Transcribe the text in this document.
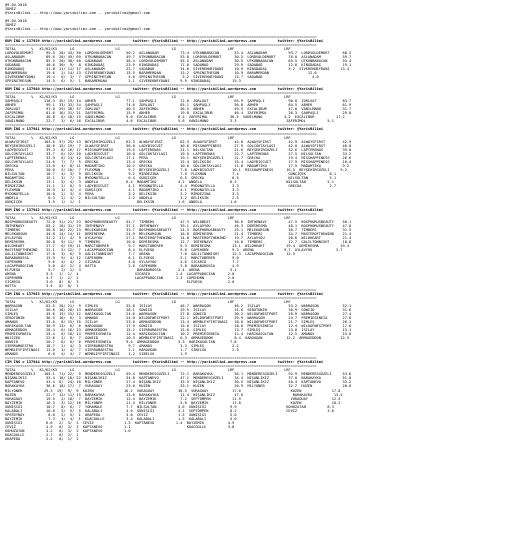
09.04.2018
İDMİZ
@YarisBilimi -- http://www.yarisbilimi.com -- yarisbilimi@gmail.com
09.04.2018
İDMİZ
@YarisBilimi -- http://www.yarisbilimi.com -- yarisbilimi@gmail.com
================================================================================================================================================
KUM İNG = 137939 http://yarisbilimi.wordpress.com          twitter: @YarisBilimi -- http://yarisbilimi.wordpress.com          twitter: @YarisBilimi
================================================================================================================================================
TOTAL       %   K1/K2/K3      LG                   LG                        LG                        LRF                       LRF
LORDVOLDEMORT      95.5  28/ 43/ 50  LORDVOLDEMORT      50.2  ASLANADAM          73.4  UTKUNBABACAN       53.4  ASLANADAM          93.7  LORDVOLDEMORT      68.3
ASLANADAM          89.6  20/ 49/ 69  UTKUNBABACAN       49.7  UTKUNBABACAN       53.8  LORDVOLDEMORT      30.5  LORDVOLDEMORT      76.0  ASLANADAM          59.7
UTKUNBABACAN       85.5  20/ 38/ 40  SADABAAD           48.4  LORDVOLDEMORT      55.5  ASLANADAM          30.5  UTKUNBABACAN       65.5  UTKUNBABACAN       55.4
SADABAD            40.6  30/  9/  8  KINGDADAŞ          23.9  KINGDADAŞ          17.0  SADABAD            29.9  SADABAD            12.8  KINGDADAŞ          19.1
KINGDADAŞ          31.8  11/ 11/ 17  ASLANADAM          23.7  SADABAD            14.0  SİVEREKNEYDANI     10.9  KINGDADAŞ          3.2  SİVEREKNEYDANI     13.4
BARAMERDAN         19.6   2/ 14/ 13  SİVEREKNEYDANI     15.5  BARAMERDAN         13.2  SPRINGTHESUN       10.9  BARAMERDAN                  12.0
SİVEREKNEYDANI     19.4   6/  3/  7  SPRINGTHESUN        4.6  SPRINGTHESUN        3.2  SİVEREKNEYDANI     15.7  SADABAD                       4.0
SPRINGTHESUN       14.5   6/  5/  1  BARAMERDAN          2.1  SİVEREKNEYDANI     9.9  KINGDADAŞ          15.3
================================================================================================================================================
KUM İNG = 137940 http://yarisbilimi.wordpress.com          twitter: @YarisBilimi -- http://yarisbilimi.wordpress.com          twitter: @YarisBilimi
================================================================================================================================================
TOTAL       %   K1/K2/K3      LG                   LG                        LG                        LRF                       LRF
ŞAHPAŞLI          116.3  45/ 19/ 14  ABHER              77.1  ŞAHPAŞLI           72.0  ZORLUAT            65.9  ŞAHPAŞLI           90.8  ZORLUAT            83.7
ABHER              99.1  33/ 33/ 24  ŞAHPAŞLI           74.6  ZORLUAT            65.1  ŞAHPAŞLI           56.8  ABHER              84.5  ABHER              61.9
ZORLUAT            91.0  29/ 38/ 37  ZORLUAT            40.5  ZAFERİMOL          36.5  ABHER              49.5  EXCALIBUR          47.0  VANILMANO          31.7
ZAFERİMOL          81.6  16/ 31/ 21  ZAFERİMOL          15.9  ABHER              19.8  EXCALIBUR          46.4  ZAFERİMOL          26.3  ŞAHPAŞLI           29.8
EXCALIBUR          40.8   8/ 18/ 15  VANILMANO          9.6  EXCALIBUR          8.5  ZAFERİMOL          36.5  VANILMANO          4.2  EXCALIBUR          17.2
VANILMANO          22.7   3/  6/ 16  EXCALIBUR          4.6  EXCALIBUR          5.6  VANILMANO          3.3                       ZAFERİMOL          5.1
================================================================================================================================================
KUM İNG = 137941 http://yarisbilimi.wordpress.com          twitter: @YarisBilimi -- http://yarisbilimi.wordpress.com          twitter: @YarisBilimi
================================================================================================================================================
TOTAL       %   K1/K2/K3      LG                   LG                        LG                        LRF                       LRF
ALWAYSFIRST       103.6  57/ 25/ 13  BEYŞEHİRGÜZELİ     62.3  ALWAYSFIRST        62.3  ALWAYSFIRST        42.0  ALWAYSFIRST        42.9  ALWAYSFIRST        42.9
BEYŞEHİRGÜZELİ     48.6  15/ 19/  7  ALWAYSFIRST        58.8  LADYBISCUIT        40.0  MISSHAPPINESS      27.9  GÖLCÜKTAYLASI      42.0  ALWAYSFIRST        40.8
LADYBISCUIT        39.3   8/ 16/ 17  MISSHAPPINESS      19.5  LAPTERENAS         21.1  NİLSULTAN          21.6  BEYŞEHİRGÜZELİ     32.6  LAPTERENAS         39.8
GÖLCÜKTAYLASI      33.7   6/ 12/ 20  LADYBISCUIT        18.0  GÖLCÜKTAYLASI      19.5  LAPTERENAS         22.7  LAPTERENAS         27.5  NİLSULTAN          33.2
LAPTERENAS         33.9   6/ 14/ 12  GÖLCÜKTAYLASI      17.1  PERA               19.1  BEYŞEHİRGÜZELİ     21.7  GRECKA             19.4  MISSHAPPINESS      26.6
GÖLCÜKTAYLASI      24.6   7/  7/  5  GRECKA             13.4  GRECKA             15.4  DELİKSİN           15.4  LADYBISCUIT        17.9  MISSHAPPINESS      16.4
GRECKA             23.6   4/  8/ 11  MADAMTİKO          10.2  GRECKA             10.0  GÖLCÜKTAYLASI      11.0  MADAMTİKO          17.5  MADAMTİKO          9.2
PERA               20.0   5/ 10/  7  FLEXMAN             9.7  BEYŞEHİRGÜZELİ     7.6  LADYBISCUIT        10.1  MISSHAPPINESS      16.5  BEYŞEHİRGÜZELİ     9.2
NİLSULTAN          18.7   4/  3/  9  DELİKSİN            9.2  MİRDEZİNA          7.9  FLEXMAN            7.4                       GÜNÇİÇEK           8.1
MADAMTİKO          15.1   3/  7/  5  MYDONATELLA         6.4  GÜNÇİÇEK           6.5  GRECKA             6.5                       NİLSULTAN          5.1
DELİKSİN           13.1   5/  4/  3  ANDELA             6.4  MADAMTİKO          4.1  ANDELA             6.3                       NİLSULTAN          5.1
MİRDEZİNA          11.1   2/  6/  3  LADYBISCUIT         4.1  MYDONATELLA        4.4  MYDONATELLA        3.3                       GRECKA             2.7
FLEXMAN            10.9   4/  4/  4  GÜNÇİÇEK            4.1  MADAMTİKO          4.1  MYDONATELLA        3.3
MYDONATELLA        10.0   2/  3/  4  PERA                3.2  DELİKSİN           3.2  MİRDEZİNA          3.3
ANDELA              8.3   2/  4/  2  NİLSULTAN           2.2  ANDELA             3.2  DELİKSİN           2.5
GÜNÇİÇEK            3.9   1/  1/  1                          DELİKSİN           1.6  ANDELA             1.6
================================================================================================================================================
KUM İNG = 137942 http://yarisbilimi.wordpress.com          twitter: @YarisBilimi -- http://yarisbilimi.wordpress.com          twitter: @YarisBilimi
================================================================================================================================================
TOTAL       %   K1/K2/K3      LG                   LG                        LG                        LRF                       LRF
BOSPHORUSBEAUTY    72.0  31/ 21/ 23  BOSPHORUSBEAUTY    54.7  TIMBERS            47.3  WILDBEAT           36.6  INTHENAVY          47.5  BOSPHORUSBEAUTY    50.1
INTHENAVY          65.2  16/ 31/ 19  INTHENAVY          37.1  INTHENAVY          39.1  AYLAVYOU           46.3  DEMİRESMA          48.1  BOSPHORUSBEAUTY    47.0
TIMBERS            58.8  16/ 22/ 23  MELEKARSUN         33.7  BOSPHORUSBEAUTY    24.3  BOSPHORUSBEAUTY    25.1  MELEKARSUN         36.7  TIMBERS            31.5
MELEKARSUN         44.8  14/ 14/ 11  DEMİRESMA          24.9  MELEKARSUN         16.8  DEMİRESMA          21.4  TIMBERS            34.7  MASTEROFTHEWIND    21.4
AYLAVYOU           31.2  17/  4/  9  AYLAVYOU           27.1  MASTEROFTHEWIND    14.0  MASTEROFTHEWIND    19.7  AYLAVYOU           20.6  WILDHEART          21.4
DEMİRESMA          30.8   9/ 11/  9  TIMBERS            10.0  DEMİRESMA          12.7  INTHENAVY          16.0  TIMBERS            12.7  GALILTONNIGHT      18.8
WILDHEART          27.7   6/ 19/ 11  MARCTOBERER         9.7  MARCTOBERER        9.3  DEMİRESMA          13.1  WILDHEART          19.4  DEMİRESMA          19.4
MASTEROFTHEWIND    22.1   5/ 12/  7  LACAPPADOCIAN       8.4  ELFUEGO            9.0  CAPEHORN           9.3  ARENA              9.7  AYLAVYOU           3.7
GALILTONNIGHT      17.8   3/  6/  9  GALILTONNIGHT       7.7  ARENA              7.0  GALILTONNIGHT      12.3  LACAPPADOCIAN      12.5
BARABAROSSA        13.9   9/  4/ 12  CAPEHORN            6.1  ELFUEGO            5.1  MARCTOBERER        9.0
CAPEHORN            9.6   4/  4/  2  SICARIO             4.0  AYLAVYOU           4.6  SICARIO            7.7
LACAPPADOCIAN       5.8   0/  2/  4  HATTA               2.6  CAPEHORN           3.8  BARABAROSSA        4.9
ELFUEGO             5.7   2/  1/  3                          BARABAROSSA        2.4  ARENA              3.1
ARENA              5.3   1/  1/  4                          SICARIO            1.4  LACAPPADOCIAN      2.0
CAPEHORN           4.7   1/  2/  2                          LACAPPADOCIAN      1.3  CAPEHORN           2.0
SICARIO            3.6   0/  0/  3                                                  ELFUEGO            2.0
HATTA              3.4   0/  0/  1
================================================================================================================================================
CIM İNG = 137943 http://yarisbilimi.wordpress.com          twitter: @YarisBilimi -- http://yarisbilimi.wordpress.com          twitter: @YarisBilimi
================================================================================================================================================
TOTAL       %   K1/K2/K3      LG                   LG                        LG                        LRF                       LRF
WARRASON           62.5  28/ 21/  9  SIMLEŞ             35.8  İSİLAY             46.7  WARRASON           46.2  İSİLAY             53.2  WARRASON           52.1
İSİLAY             56.6  18/ 20/ 13  WARRASON           28.1  GOWIID             29.9  İSİLAY             31.6  SEBOTONIN          30.9  GOWIID             31.6
SIMLEŞ             45.6  19/ 15/ 12  HARIKASOLTAN       24.6  WARRASON           27.8  GOWIID             30.2  WILDOFWESTPORT     26.9  WARRASON           27.4
SEBOTONIN          36.5  16/  6/  3  AMANOS             24.0  WILDOFWESTPORT     22.1  WILDOFWESTPORT     29.9  WARRASON           24.7  PREMİESENEİA       27.6
AMANOS             33.0   8/ 15/ 15  İSİLAY             23.6  ARMAGEDDON         13.4  WEMBLEYFIRTINASI   18.0  WILDOFWESTPORT     21.7  SIMLEŞ             26.1
HARIKASOLTAN       30.9  13/  6/  6  HAROUGAN           17.9  GOWIID             15.0  İSİLAY             18.0  PREMİESENEİA       12.4  WILDOFWESTPORT     17.6
ARMAGEDDON         28.4   6/ 16/ 13  ARMAGEDDON         15.2  SIERRAMAESTRA      15.0  SIMLEŞ             13.7  SIMLEŞ             13.0  İSİLAY             15.1
PREMİESENEİA       25.4   6/ 10/ 14  PREMİESENEİA       12.4  HARIKASOLTAN       10.2  PREMİESENEİA       12.4  HARIKASOLTAN       12.5  AMANOS             15.0
WOJIZEK            22.6   2/  8/  7  GOWIID             10.3  WEMBLEYFIRTINASI   6.3  ARMAGEDDON          8.4  HAROUGAN           12.2  ARMAGEDDON         12.5
GOWIID             20.7   6/  6/  6  PREMİESENEİA       9.4  ARMAGEDDON         5.3  HARIKASOLTAN       7.8
SIERRAMAESTRA      18.7   2/  4/  3  SIERRAMAESTRA       9.7  AMANOS             3.3  SIMLEŞ             2.2
WEMBLEYFIRTINASI   13.0   4/  4/  7  SIERRAMAESTRA       2.1  HAROUGAN           1.7  SIBELSU            2.5
AMANOS              6.0   4/  4/  7  WEMBLEYFIRTINASI    1.2  SIBELSU            1.9
================================================================================================================================================
CIM İNG = 137944 http://yarisbilimi.wordpress.com          twitter: @YarisBilimi -- http://yarisbilimi.wordpress.com          twitter: @YarisBilimi
================================================================================================================================================
TOTAL       %   K1/K2/K3      LG                   LG                        LG                        LRF                       LRF
MENDERESGÜZELİ    105.1  71/ 22/  9  MENDERESGÜZELİ     59.4  MENDERESGÜZELİ     72.1  BARAKAYKA          56.1  MENDERESGÜZELİ     92.9  MENDERESGÜZELİ     53.6
NİŞANLIKIZ         53.4  16/ 18/ 22  NİŞANLIKIZ         34.8  KAPTANEVO          47.1  MENDERESGÜZELİ     34.4  NİŞANLIKIZ         37.0  BARAKAYKA          51.0
KAPTANEVO          43.4  6/  24/ 18  MİLYONER           27.4  NİŞANLIKIZ         33.5  NİŞANLIKIZ         30.5  NİŞANLIKIZ         40.4  KAPTANEVO          33.2
BARAKAYKA          36.6  18/ 17/  7  VURAGUAY           23.0  HUZEN              33.1  KUZEN              20.9  MİLYONER           32.7  HUZEN              20.0
MİLYONER          29.3  19/  9/  9  KUZEN              16.2  VURAGUAY           30.5  VURAGUAY           17.0                       KUZEN              17.8
KUZEN              22.7  12/ 11/ 15  BARAKAYKA          13.6  BARAKAYKA          11.4  NİŞANLIKIZ         17.0                       BARAKAYKA          13.5
VURAGUAY           19.5   2/ 10/  7  BAYZEMİK           12.4  BAYZEMİK           7.2  SEPTOMPEN          11.9                       VURAGUAY           12.5
BAYZEMİK           16.3   3/ 12/ 16  MİLYONER           11.4  MİLYONER           5.9  BAYZEMİK           11.8                       KUZEN              10.2
GÜNİŞİĞI           10.7   8/  6/  7  YORAMALE           7.7  NİLSULTAN          5.6  GÜNİŞİĞI           9.9                       KOHÜZATAN          8.3
KALABALI           10.8   5/  5/  5  KALABALI           4.6  GÜNİŞİĞI           4.1  SEPTOMPEN          8.2                       CEVIZ              3.6
SPEEDYBOY           8.8   2/  5/  1  ARAPEDA            3.8  CEVIZ              1.5  GÜNİŞİĞI           5.0
BAYZEMİK            7.3   4/  4/  1  KUACOULLE          3.4  KALABALI           1.5  KALABALI           5.0
GÜNİŞİĞI           6.6   2/  3/  3  CEVIZ              1.3  KAPTANEVO          1.4  BAYZEMİK           4.9
CEVIZ              4.9   0/  3/  3  KAPTANEVO          1.1                          KUACOULLE          3.8
KOHÜZATAN          4.2   0/  3/  2  KAPTANEVO          1.0
KUACOULLE          2.7   0/  2/  2
ARAPEDA            2.2   0/  1/  2
